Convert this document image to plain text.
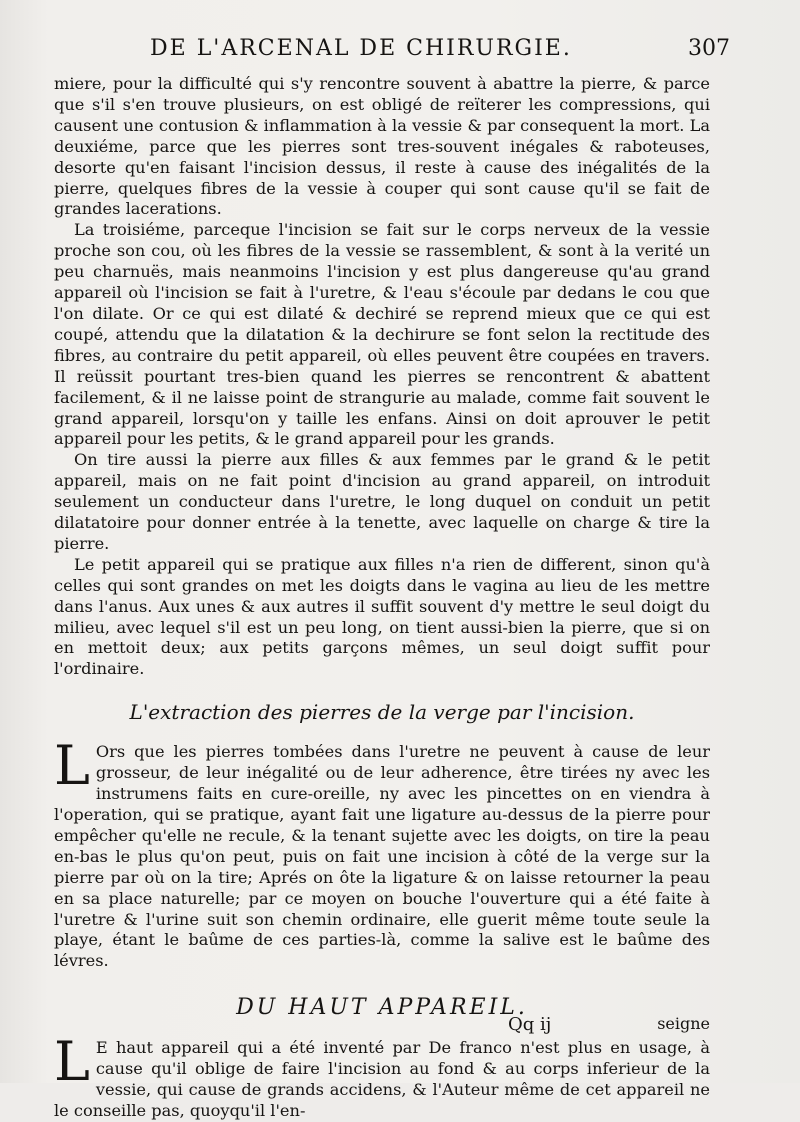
DE L'ARCENAL DE CHIRURGIE.	307

miere, pour la difficulté qui s'y rencontre souvent à abattre la pierre, & parce que s'il s'en trouve plusieurs, on est obligé de reïterer les compressions, qui causent une contusion & inflammation à la vessie & par consequent la mort. La deuxiéme, parce que les pierres sont tres-souvent inégales & raboteuses, desorte qu'en faisant l'incision dessus, il reste à cause des inégalités de la pierre, quelques fibres de la vessie à couper qui sont cause qu'il se fait de grandes lacerations.

La troisiéme, parceque l'incision se fait sur le corps nerveux de la vessie proche son cou, où les fibres de la vessie se rassemblent, & sont à la verité un peu charnuës, mais neanmoins l'incision y est plus dangereuse qu'au grand appareil où l'incision se fait à l'uretre, & l'eau s'écoule par dedans le cou que l'on dilate. Or ce qui est dilaté & dechiré se reprend mieux que ce qui est coupé, attendu que la dilatation & la dechirure se font selon la rectitude des fibres, au contraire du petit appareil, où elles peuvent être coupées en travers. Il reüssit pourtant tres-bien quand les pierres se rencontrent & abattent facilement, & il ne laisse point de strangurie au malade, comme fait souvent le grand appareil, lorsqu'on y taille les enfans. Ainsi on doit aprouver le petit appareil pour les petits, & le grand appareil pour les grands.

On tire aussi la pierre aux filles & aux femmes par le grand & le petit appareil, mais on ne fait point d'incision au grand appareil, on introduit seulement un conducteur dans l'uretre, le long duquel on conduit un petit dilatatoire pour donner entrée à la tenette, avec laquelle on charge & tire la pierre.

Le petit appareil qui se pratique aux filles n'a rien de different, sinon qu'à celles qui sont grandes on met les doigts dans le vagina au lieu de les mettre dans l'anus. Aux unes & aux autres il suffit souvent d'y mettre le seul doigt du milieu, avec lequel s'il est un peu long, on tient aussi-bien la pierre, que si on en mettoit deux; aux petits garçons mêmes, un seul doigt suffit pour l'ordinaire.

L'extraction des pierres de la verge par l'incision.

L Ors que les pierres tombées dans l'uretre ne peuvent à cause de leur grosseur, de leur inégalité ou de leur adherence, être tirées ny avec les instrumens faits en cure-oreille, ny avec les pincettes on en viendra à l'operation, qui se pratique, ayant fait une ligature au-dessus de la pierre pour empêcher qu'elle ne recule, & la tenant sujette avec les doigts, on tire la peau en-bas le plus qu'on peut, puis on fait une incision à côté de la verge sur la pierre par où on la tire; Aprés on ôte la ligature & on laisse retourner la peau en sa place naturelle; par ce moyen on bouche l'ouverture qui a été faite à l'uretre & l'urine suit son chemin ordinaire, elle guerit même toute seule la playe, étant le baûme de ces parties-là, comme la salive est le baûme des lévres.

DU HAUT APPAREIL.

L E haut appareil qui a été inventé par De franco n'est plus en usage, à cause qu'il oblige de faire l'incision au fond & au corps inferieur de la vessie, qui cause de grands accidens, & l'Auteur même de cet appareil ne le conseille pas, quoyqu'il l'en-

Qq ij	seigne
